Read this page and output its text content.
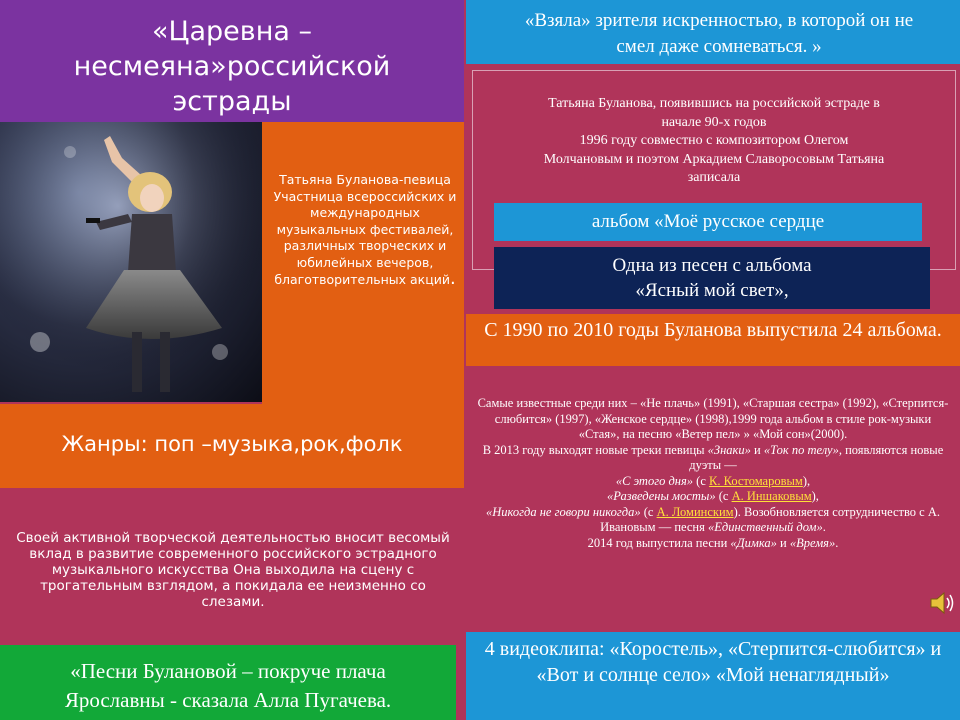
«Царевна –
несмеяна»российской
эстрады
Татьяна Буланова-певица Участница всероссийских и международных музыкальных фестивалей, различных творческих и юбилейных вечеров, благотворительных акций.
Жанры: поп –музыка,рок,фолк
Своей активной творческой деятельностью вносит весомый вклад в развитие современного российского эстрадного музыкального искусства Она выходила на сцену с трогательным взглядом, а покидала ее неизменно со слезами.
«Песни Булановой – покруче плача
Ярославны - сказала Алла Пугачева.
«Взяла» зрителя искренностью, в которой он не
смел даже сомневаться. »
Татьяна Буланова, появившись на российской эстраде в
начале 90-х годов
1996 году совместно с композитором Олегом
Молчановым и поэтом Аркадием Славоросовым Татьяна
записала
альбом «Моё русское сердце
Одна из песен с альбома
«Ясный мой свет»,
С 1990 по 2010 годы Буланова выпустила 24 альбома.

Самые известные среди них – «Не плачь» (1991), «Старшая сестра» (1992), «Стерпится-слюбится» (1997), «Женское сердце» (1998),1999 года альбом в стиле рок-музыки «Стая», на песню «Ветер пел» » «Мой сон»(2000).

В 2013 году выходят новые треки певицы «Знаки» и «Ток по телу», появляются новые дуэты —

«С этого дня» (с К. Костомаровым),

«Разведены мосты» (с А. Иншаковым),

«Никогда не говори никогда» (с А. Ломинским). Возобновляется сотрудничество с А. Ивановым — песня «Единственный дом».

2014 год выпустила песни «Димка» и «Время».

4 видеоклипа: «Коростель», «Стерпится-слюбится» и «Вот и солнце село» «Мой ненаглядный»
